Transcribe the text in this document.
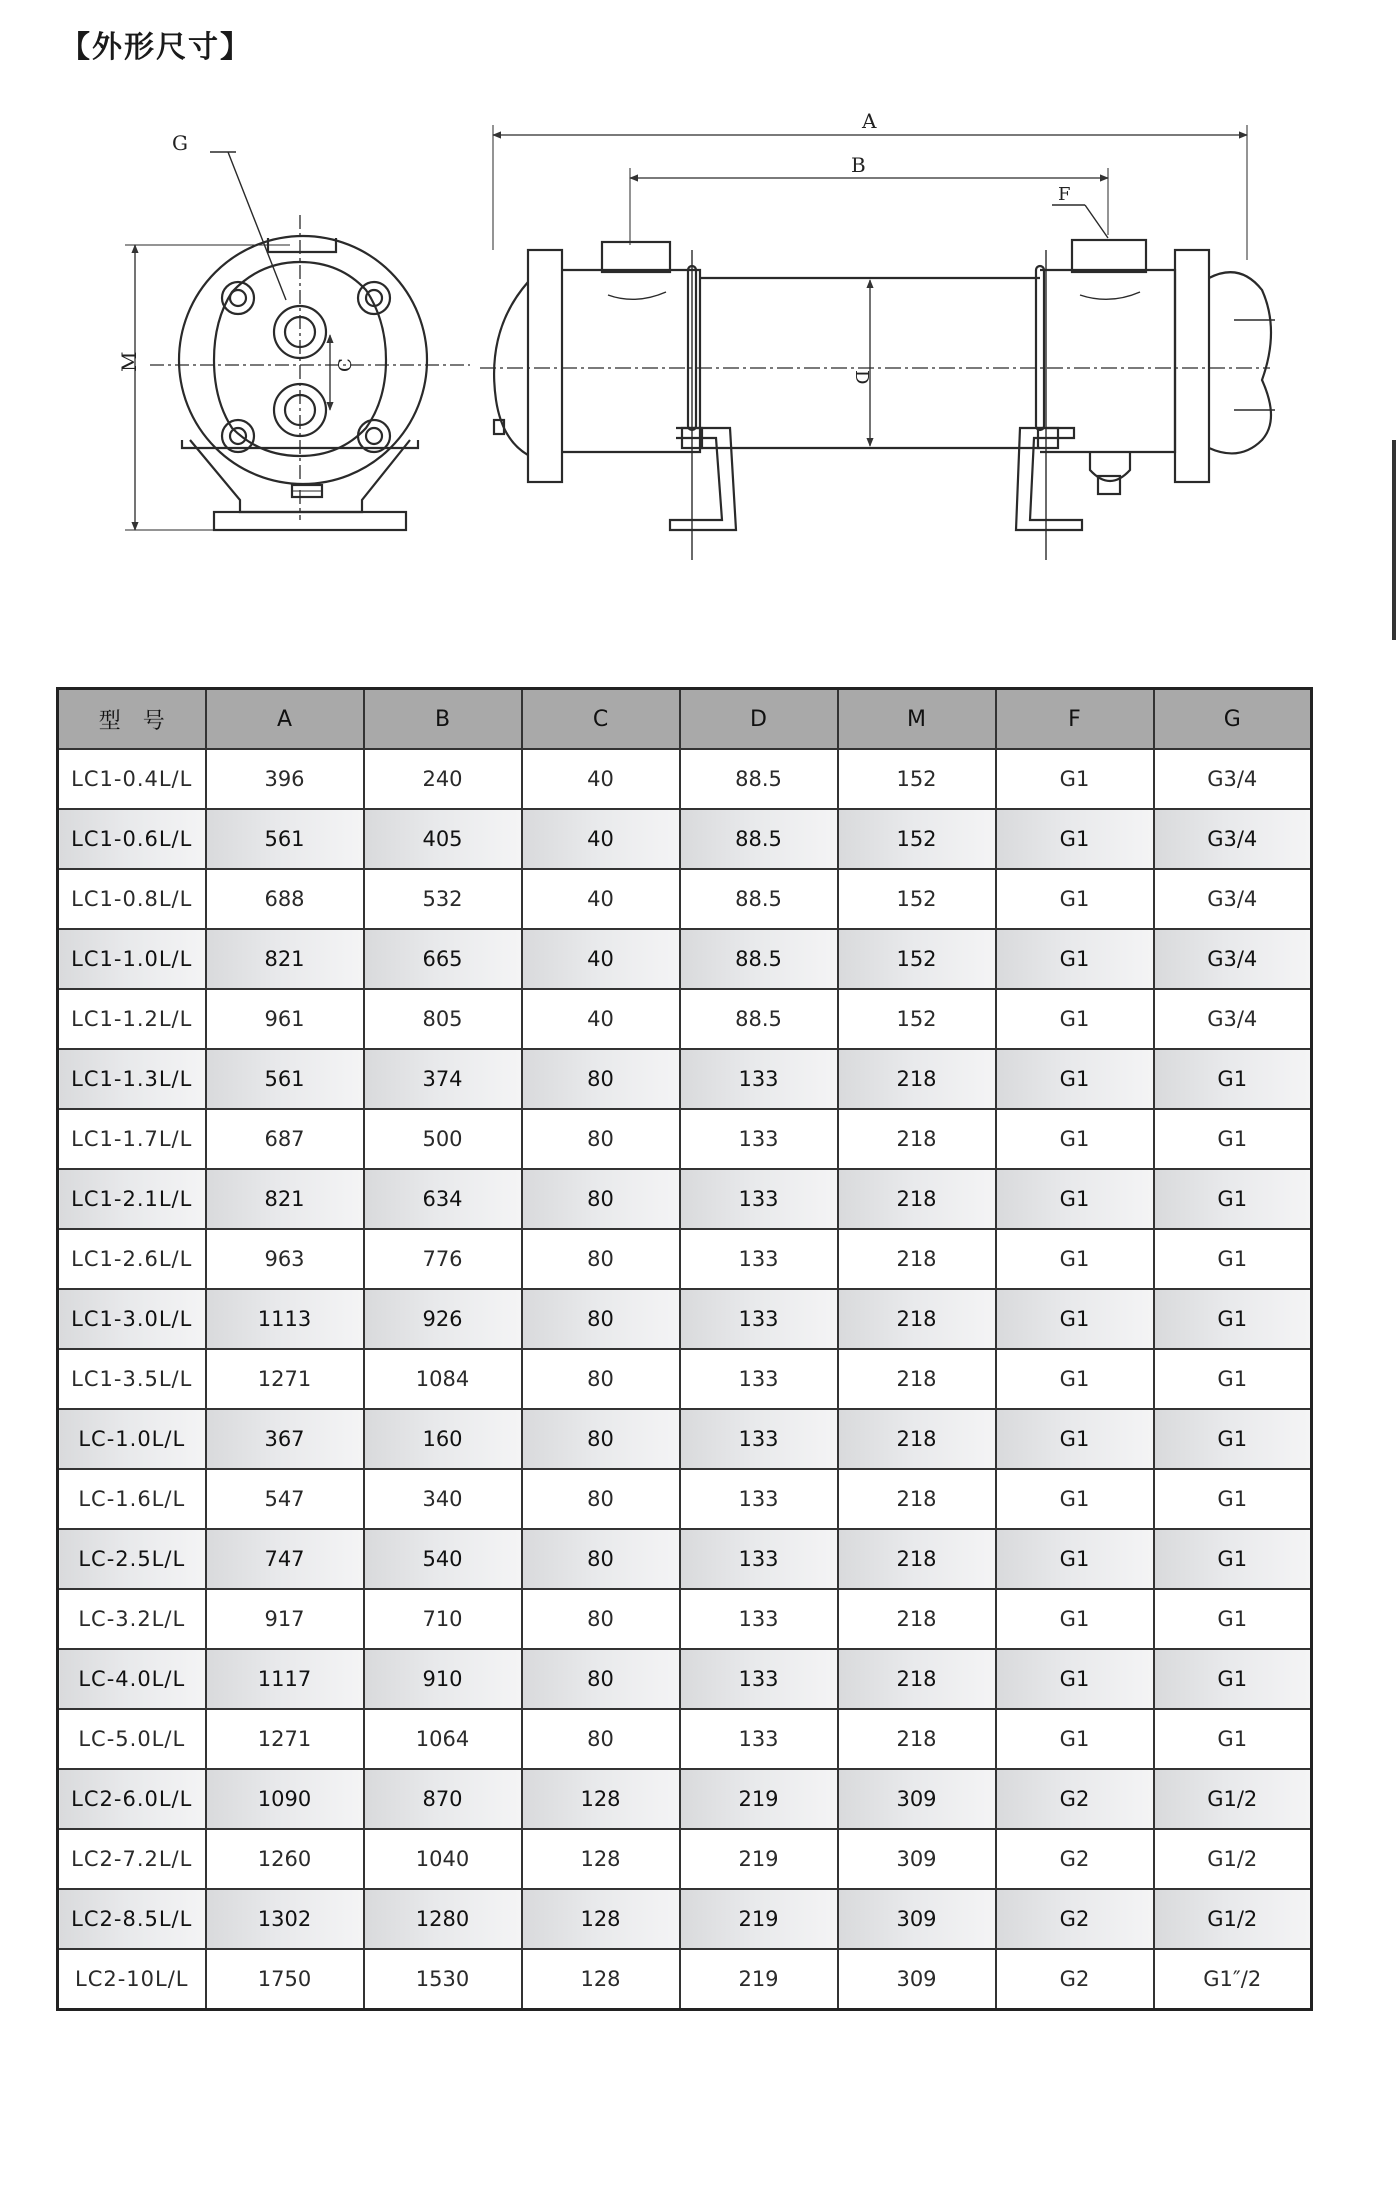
【外形尺寸】
G
M	C
A
B
F
D
型　号	A	B	C	D	M	F	G
LC1-0.4L/L	396	240	40	88.5	152	G1	G3/4
LC1-0.6L/L	561	405	40	88.5	152	G1	G3/4
LC1-0.8L/L	688	532	40	88.5	152	G1	G3/4
LC1-1.0L/L	821	665	40	88.5	152	G1	G3/4
LC1-1.2L/L	961	805	40	88.5	152	G1	G3/4
LC1-1.3L/L	561	374	80	133	218	G1	G1
LC1-1.7L/L	687	500	80	133	218	G1	G1
LC1-2.1L/L	821	634	80	133	218	G1	G1
LC1-2.6L/L	963	776	80	133	218	G1	G1
LC1-3.0L/L	1113	926	80	133	218	G1	G1
LC1-3.5L/L	1271	1084	80	133	218	G1	G1
LC-1.0L/L	367	160	80	133	218	G1	G1
LC-1.6L/L	547	340	80	133	218	G1	G1
LC-2.5L/L	747	540	80	133	218	G1	G1
LC-3.2L/L	917	710	80	133	218	G1	G1
LC-4.0L/L	1117	910	80	133	218	G1	G1
LC-5.0L/L	1271	1064	80	133	218	G1	G1
LC2-6.0L/L	1090	870	128	219	309	G2	G1/2
LC2-7.2L/L	1260	1040	128	219	309	G2	G1/2
LC2-8.5L/L	1302	1280	128	219	309	G2	G1/2
LC2-10L/L	1750	1530	128	219	309	G2	G1″/2
